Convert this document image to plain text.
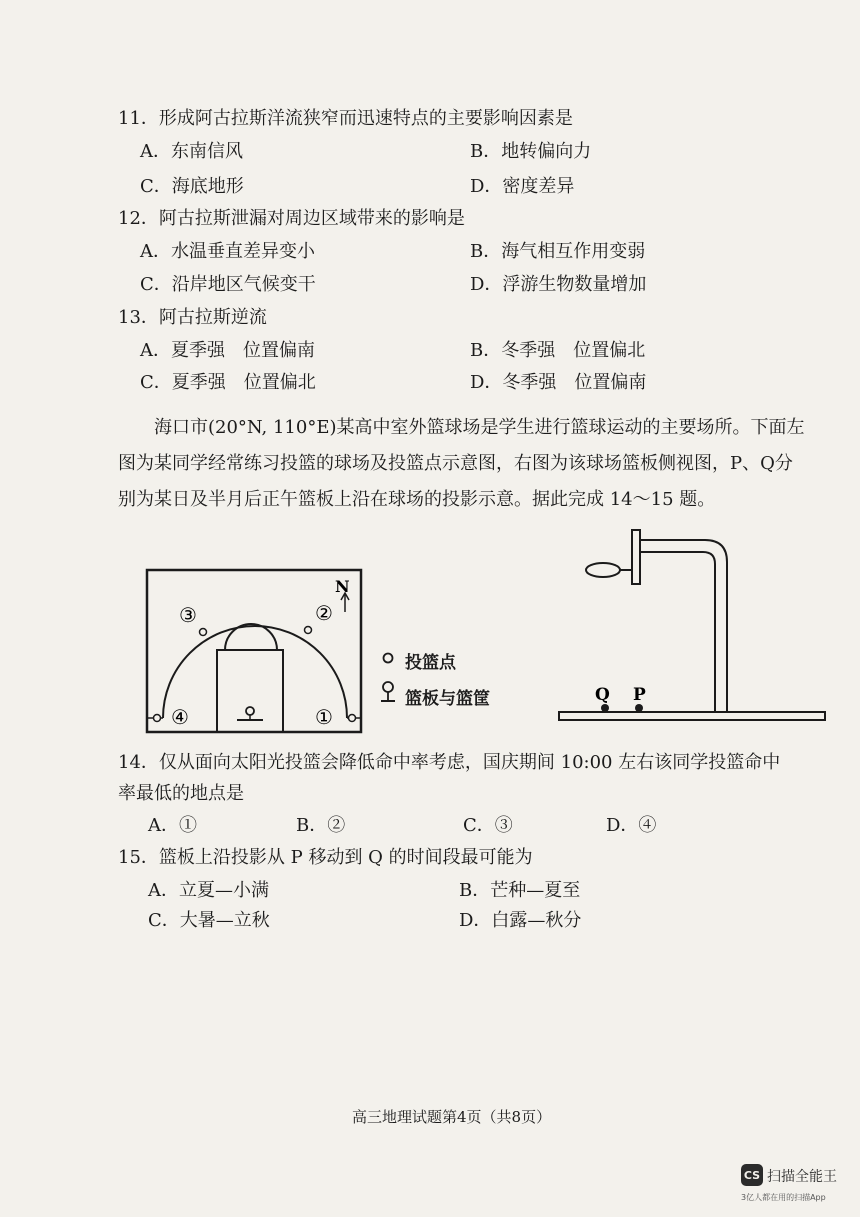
11．形成阿古拉斯洋流狭窄而迅速特点的主要影响因素是
A．东南信风	B．地转偏向力
C．海底地形	D．密度差异
12．阿古拉斯泄漏对周边区域带来的影响是
A．水温垂直差异变小	B．海气相互作用变弱
C．沿岸地区气候变干	D．浮游生物数量增加
13．阿古拉斯逆流
A．夏季强　位置偏南	B．冬季强　位置偏北
C．夏季强　位置偏北	D．冬季强　位置偏南
海口市(20°N, 110°E)某高中室外篮球场是学生进行篮球运动的主要场所。下面左图为某同学经常练习投篮的球场及投篮点示意图，右图为该球场篮板侧视图，P、Q分别为某日及半月后正午篮板上沿在球场的投影示意。据此完成 14～15 题。
③	②
④	①
N
投篮点
篮板与篮筐	Q P
14．仅从面向太阳光投篮会降低命中率考虑，国庆期间 10:00 左右该同学投篮命中
率最低的地点是
A．①	B．②	C．③	D．④
15．篮板上沿投影从 P 移动到 Q 的时间段最可能为
A．立夏—小满	B．芒种—夏至
C．大暑—立秋	D．白露—秋分
高三地理试题第4页（共8页）
CS 扫描全能王
3亿人都在用的扫描App
